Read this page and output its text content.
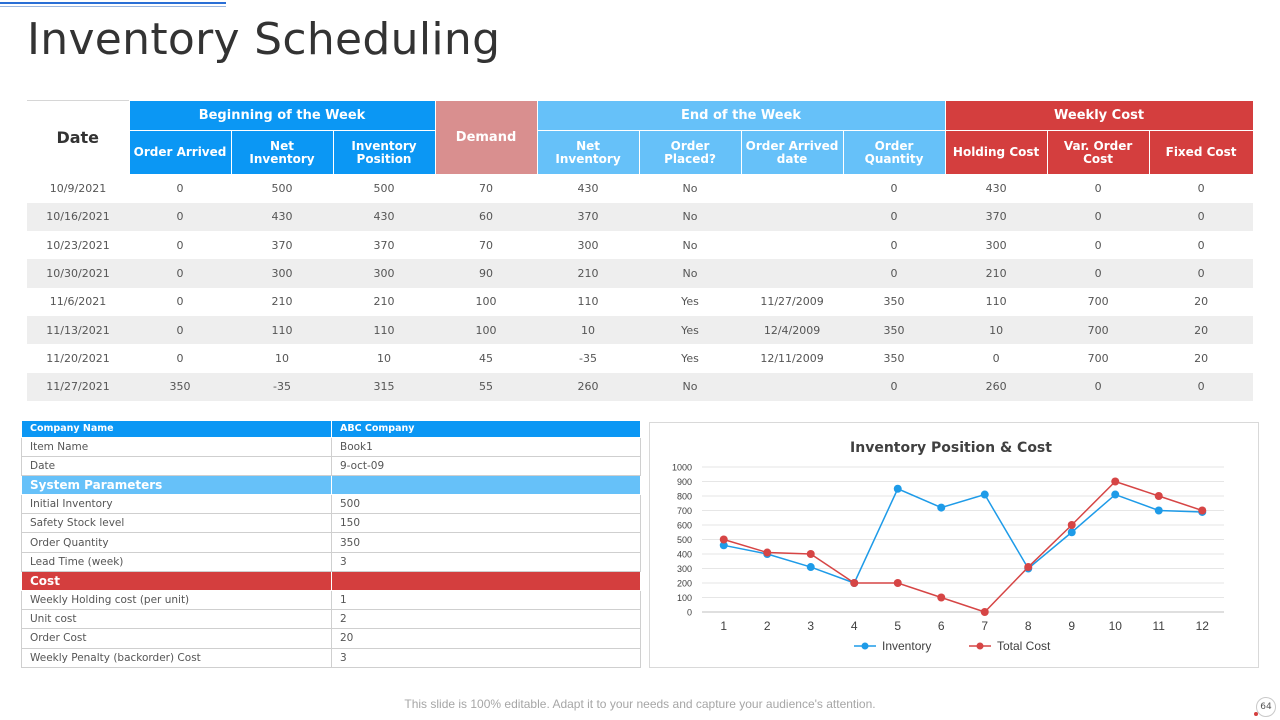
Inventory Scheduling
Date	Beginning of the Week			Demand	End of the Week				Weekly Cost		
	Order Arrived	Net Inventory	Inventory Position		Net Inventory	Order Placed?	Order Arrived date	Order Quantity	Holding Cost	Var. Order Cost	Fixed Cost
10/9/2021	0	500	500	70	430	No		0	430	0	0
10/16/2021	0	430	430	60	370	No		0	370	0	0
10/23/2021	0	370	370	70	300	No		0	300	0	0
10/30/2021	0	300	300	90	210	No		0	210	0	0
11/6/2021	0	210	210	100	110	Yes	11/27/2009	350	110	700	20
11/13/2021	0	110	110	100	10	Yes	12/4/2009	350	10	700	20
11/20/2021	0	10	10	45	-35	Yes	12/11/2009	350	0	700	20
11/27/2021	350	-35	315	55	260	No		0	260	0	0
Company Name	ABC Company
Item Name	Book1
Date	9-oct-09
System Parameters	
Initial Inventory	500
Safety Stock level	150
Order Quantity	350
Lead Time (week)	3
Cost	
Weekly Holding cost (per unit)	1
Unit cost	2
Order Cost	20
Weekly Penalty (backorder) Cost	3
Inventory Position & Cost
0
100
200
300
400
500
600
700
800
900
1000
1	2	3	4	5	6	7	8	9	10	11	12
Inventory	Total Cost
This slide is 100% editable. Adapt it to your needs and capture your audience's attention.	64
